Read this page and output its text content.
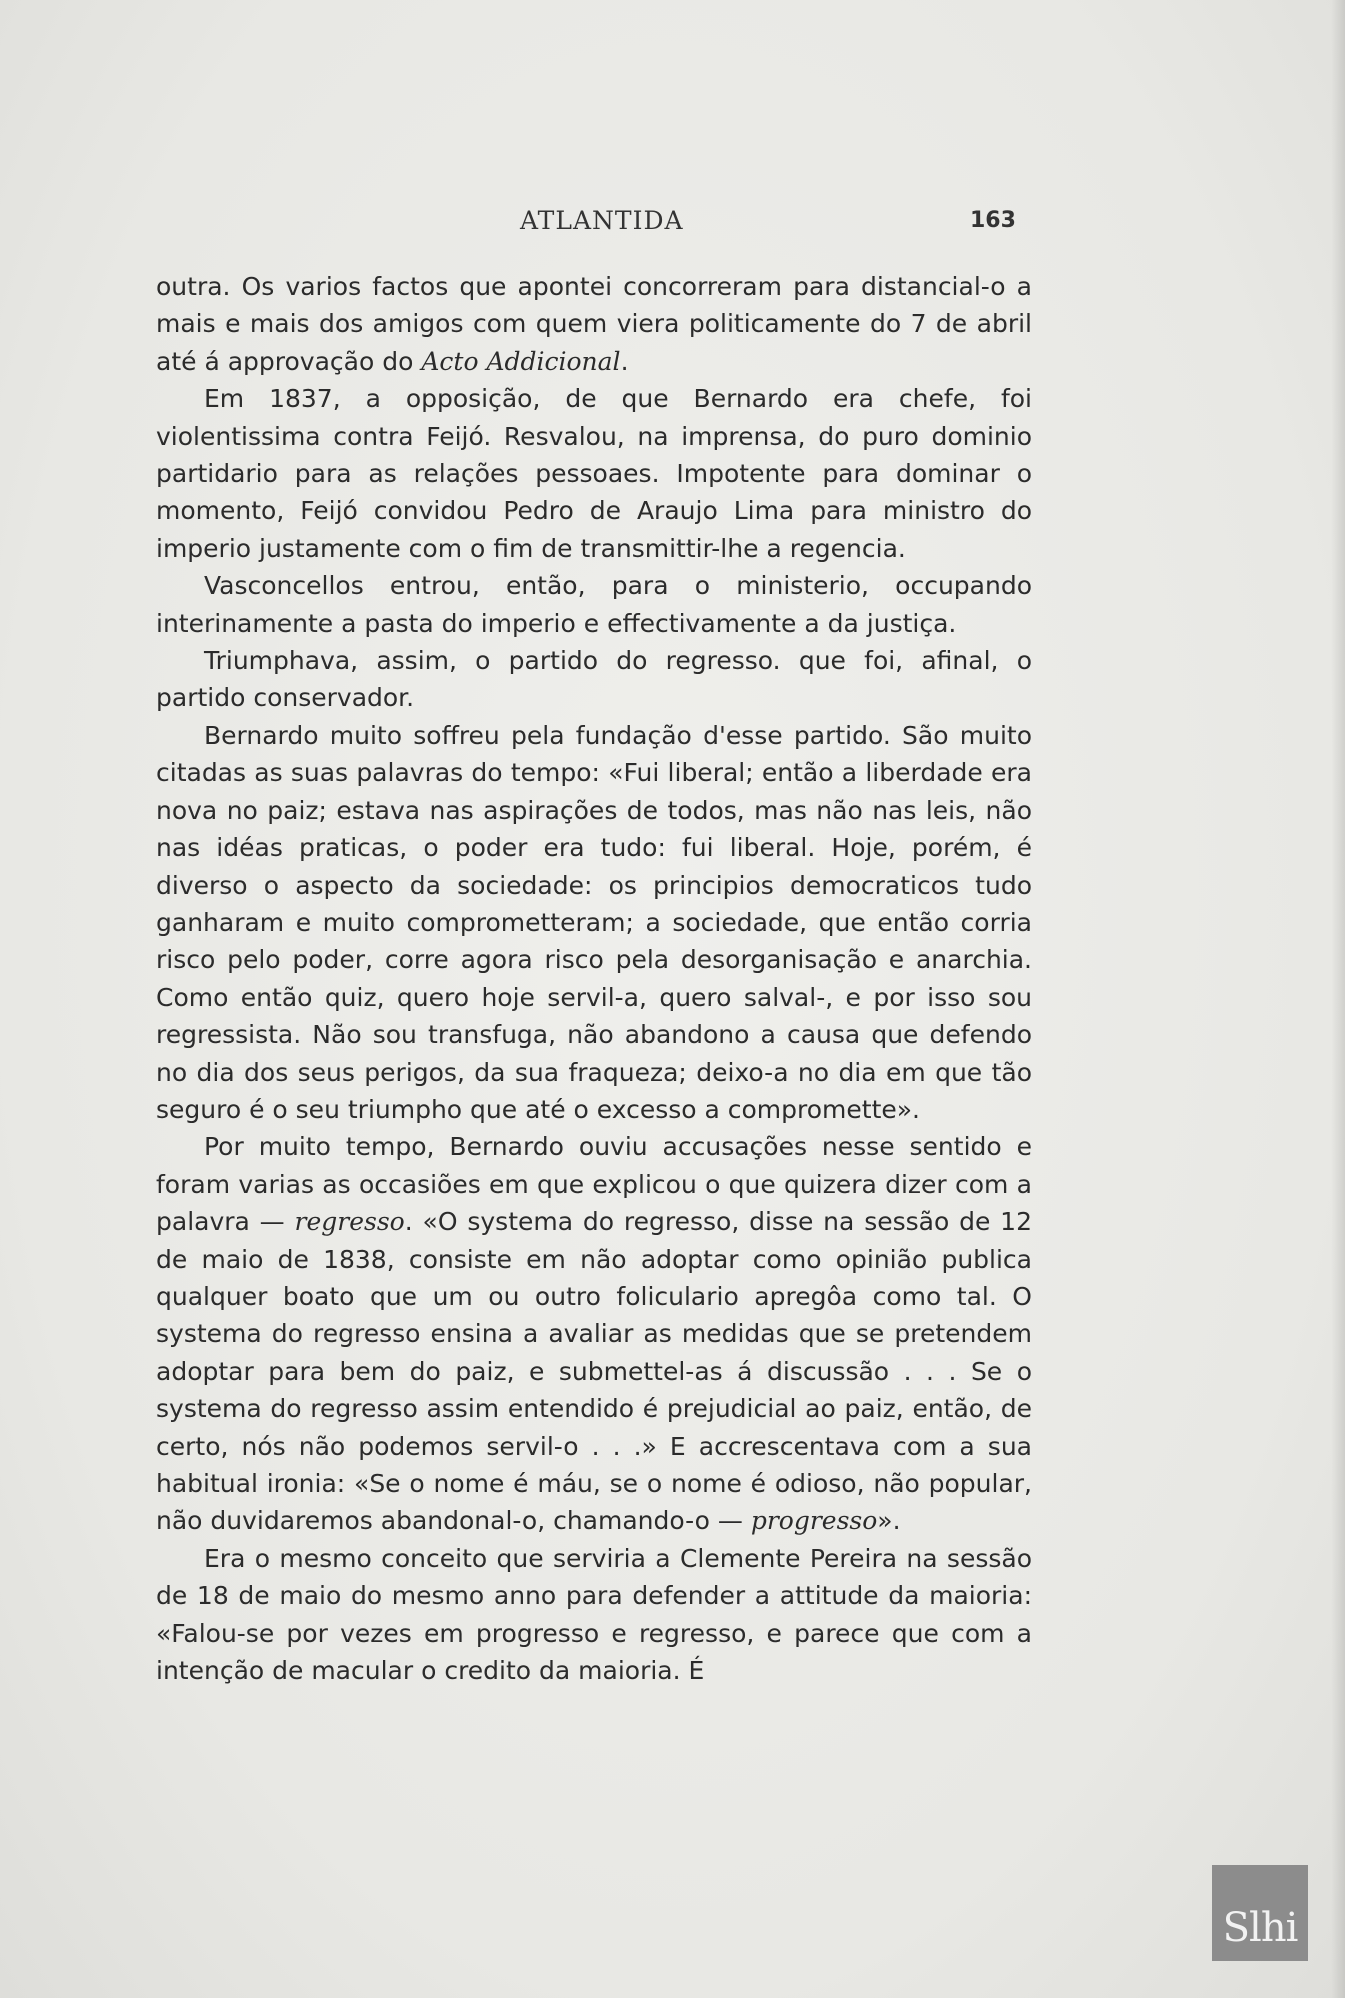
ATLANTIDA	163

outra. Os varios factos que apontei concorreram para distancial-o a mais e mais dos amigos com quem viera politicamente do 7 de abril até á approvação do Acto Addicional.

Em 1837, a opposição, de que Bernardo era chefe, foi violentissima contra Feijó. Resvalou, na imprensa, do puro dominio partidario para as relações pessoaes. Impotente para dominar o momento, Feijó convidou Pedro de Araujo Lima para ministro do imperio justamente com o fim de transmittir-lhe a regencia.

Vasconcellos entrou, então, para o ministerio, occupando interinamente a pasta do imperio e effectivamente a da justiça.

Triumphava, assim, o partido do regresso. que foi, afinal, o partido conservador.

Bernardo muito soffreu pela fundação d'esse partido. São muito citadas as suas palavras do tempo: «Fui liberal; então a liberdade era nova no paiz; estava nas aspirações de todos, mas não nas leis, não nas idéas praticas, o poder era tudo: fui liberal. Hoje, porém, é diverso o aspecto da sociedade: os principios democraticos tudo ganharam e muito comprometteram; a sociedade, que então corria risco pelo poder, corre agora risco pela desorganisação e anarchia. Como então quiz, quero hoje servil-a, quero salval-, e por isso sou regressista. Não sou transfuga, não abandono a causa que defendo no dia dos seus perigos, da sua fraqueza; deixo-a no dia em que tão seguro é o seu triumpho que até o excesso a compromette».

Por muito tempo, Bernardo ouviu accusações nesse sentido e foram varias as occasiões em que explicou o que quizera dizer com a palavra — regresso. «O systema do regresso, disse na sessão de 12 de maio de 1838, consiste em não adoptar como opinião publica qualquer boato que um ou outro foliculario apregôa como tal. O systema do regresso ensina a avaliar as medidas que se pretendem adoptar para bem do paiz, e submettel-as á discussão . . . Se o systema do regresso assim entendido é prejudicial ao paiz, então, de certo, nós não podemos servil-o . . .» E accrescentava com a sua habitual ironia: «Se o nome é máu, se o nome é odioso, não popular, não duvidaremos abandonal-o, chamando-o — progresso».

Era o mesmo conceito que serviria a Clemente Pereira na sessão de 18 de maio do mesmo anno para defender a attitude da maioria: «Falou-se por vezes em progresso e regresso, e parece que com a intenção de macular o credito da maioria. É

Slhi
